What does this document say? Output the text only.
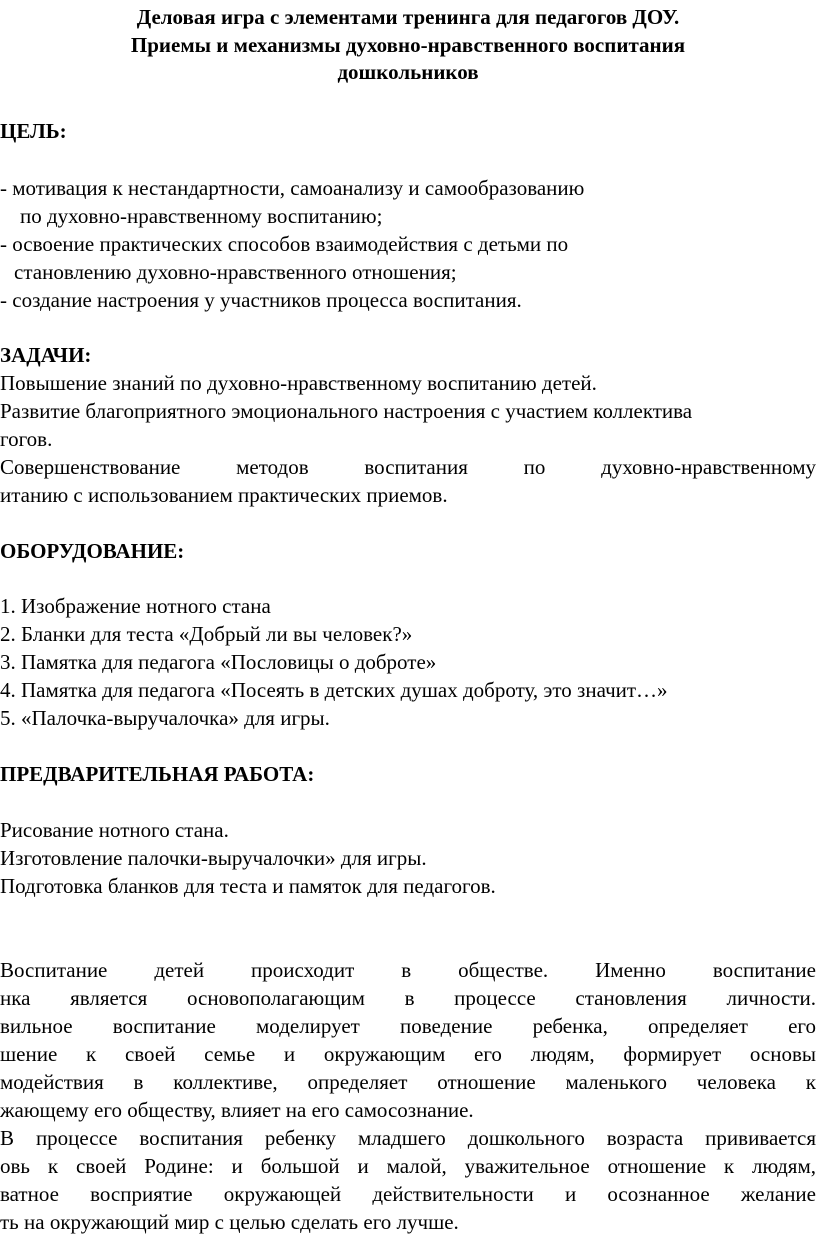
Деловая игра с элементами тренинга для педагогов ДОУ.
Приемы и механизмы духовно-нравственного воспитания
дошкольников
ЦЕЛЬ:
- мотивация к нестандартности, самоанализу и самообразованию
по духовно-нравственному воспитанию;
- освоение практических способов взаимодействия с детьми по
становлению духовно-нравственного отношения;
- создание настроения у участников процесса воспитания.
ЗАДАЧИ:
Повышение знаний по духовно-нравственному воспитанию детей.
Развитие благоприятного эмоционального настроения с участием коллектива
гогов.
Совершенствование методов воспитания по духовно-нравственному
итанию с использованием практических приемов.
ОБОРУДОВАНИЕ:
1. Изображение нотного стана
2. Бланки для теста «Добрый ли вы человек?»
3. Памятка для педагога «Пословицы о доброте»
4. Памятка для педагога «Посеять в детских душах доброту, это значит…»
5. «Палочка-выручалочка» для игры.
ПРЕДВАРИТЕЛЬНАЯ РАБОТА:
Рисование нотного стана.
Изготовление палочки-выручалочки» для игры.
Подготовка бланков для теста и памяток для педагогов.
Воспитание детей происходит в обществе. Именно воспитание
нка является основополагающим в процессе становления личности.
вильное воспитание моделирует поведение ребенка, определяет его
шение к своей семье и окружающим его людям, формирует основы
модействия в коллективе, определяет отношение маленького человека к
жающему его обществу, влияет на его самосознание.
В процессе воспитания ребенку младшего дошкольного возраста прививается
овь к своей Родине: и большой и малой, уважительное отношение к людям,
ватное восприятие окружающей действительности и осознанное желание
ть на окружающий мир с целью сделать его лучше.
